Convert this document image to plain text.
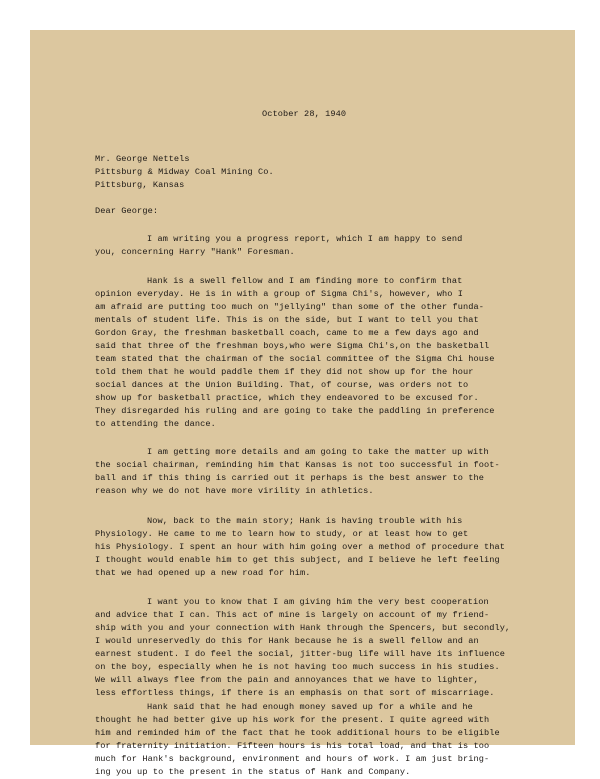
October 28, 1940
Mr. George Nettels
Pittsburg & Midway Coal Mining Co.
Pittsburg, Kansas
Dear George:
I am writing you a progress report, which I am happy to send
you, concerning Harry "Hank" Foresman.
Hank is a swell fellow and I am finding more to confirm that
opinion everyday. He is in with a group of Sigma Chi's, however, who I
am afraid are putting too much on "jellying" than some of the other funda-
mentals of student life. This is on the side, but I want to tell you that
Gordon Gray, the freshman basketball coach, came to me a few days ago and
said that three of the freshman boys,who were Sigma Chi's,on the basketball
team stated that the chairman of the social committee of the Sigma Chi house
told them that he would paddle them if they did not show up for the hour
social dances at the Union Building. That, of course, was orders not to
show up for basketball practice, which they endeavored to be excused for.
They disregarded his ruling and are going to take the paddling in preference
to attending the dance.
I am getting more details and am going to take the matter up with
the social chairman, reminding him that Kansas is not too successful in foot-
ball and if this thing is carried out it perhaps is the best answer to the
reason why we do not have more virility in athletics.
Now, back to the main story; Hank is having trouble with his
Physiology. He came to me to learn how to study, or at least how to get
his Physiology. I spent an hour with him going over a method of procedure that
I thought would enable him to get this subject, and I believe he left feeling
that we had opened up a new road for him.
I want you to know that I am giving him the very best cooperation
and advice that I can. This act of mine is largely on account of my friend-
ship with you and your connection with Hank through the Spencers, but secondly,
I would unreservedly do this for Hank because he is a swell fellow and an
earnest student. I do feel the social, jitter-bug life will have its influence
on the boy, especially when he is not having too much success in his studies.
We will always flee from the pain and annoyances that we have to lighter,
less effortless things, if there is an emphasis on that sort of miscarriage.
Hank said that he had enough money saved up for a while and he
thought he had better give up his work for the present. I quite agreed with
him and reminded him of the fact that he took additional hours to be eligible
for fraternity initiation. Fifteen hours is his total load, and that is too
much for Hank's background, environment and hours of work. I am just bring-
ing you up to the present in the status of Hank and Company.
